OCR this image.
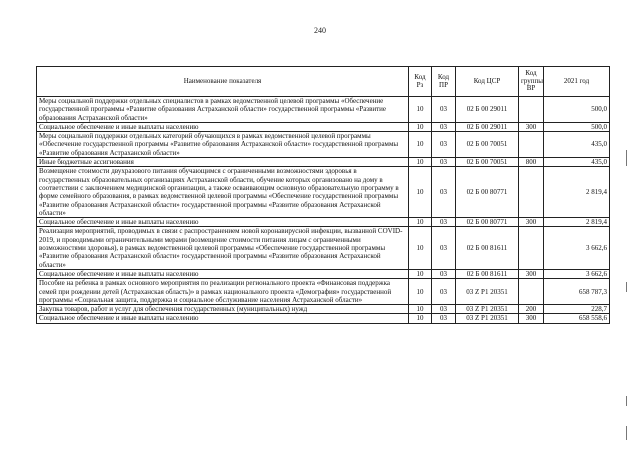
240
Наименование показателя	Код Рз	Код ПР	Код ЦСР	Код группы ВР	2021 год
Меры социальной поддержки отдельных специалистов в рамках ведомственной целевой программы «Обеспечение государственной программы «Развитие образования Астраханской области» государственной программы «Развитие образования Астраханской области»	10	03	02 Б 00 29011		500,0
Социальное обеспечение и иные выплаты населению	10	03	02 Б 00 29011	300	500,0
Меры социальной поддержки отдельных категорий обучающихся в рамках ведомственной целевой программы «Обеспечение государственной программы «Развитие образования Астраханской области» государственной программы «Развитие образования Астраханской области»	10	03	02 Б 00 70051		435,0
Иные бюджетные ассигнования	10	03	02 Б 00 70051	800	435,0
Возмещение стоимости двухразового питания обучающимся с ограниченными возможностями здоровья в государственных образовательных организациях Астраханской области, обучение которых организовано на дому в соответствии с заключением медицинской организации, а также осваивающим основную образовательную программу в форме семейного образования, в рамках ведомственной целевой программы «Обеспечение государственной программы «Развитие образования Астраханской области» государственной программы «Развитие образования Астраханской области»	10	03	02 Б 00 80771		2 819,4
Социальное обеспечение и иные выплаты населению	10	03	02 Б 00 80771	300	2 819,4
Реализация мероприятий, проводимых в связи с распространением новой коронавирусной инфекции, вызванной COVID-2019, и проводимыми ограничительными мерами (возмещение стоимости питания лицам с ограниченными возможностями здоровья), в рамках ведомственной целевой программы «Обеспечение государственной программы «Развитие образования Астраханской области» государственной программы «Развитие образования Астраханской области»	10	03	02 Б 00 81611		3 662,6
Социальное обеспечение и иные выплаты населению	10	03	02 Б 00 81611	300	3 662,6
Пособие на ребенка в рамках основного мероприятия по реализации регионального проекта «Финансовая поддержка семей при рождении детей (Астраханская область)» в рамках национального проекта «Демография» государственной программы «Социальная защита, поддержка и социальное обслуживание населения Астраханской области»	10	03	03 Z P1 20351		658 787,3
Закупка товаров, работ и услуг для обеспечения государственных (муниципальных) нужд	10	03	03 Z P1 20351	200	228,7
Социальное обеспечение и иные выплаты населению	10	03	03 Z P1 20351	300	658 558,6
